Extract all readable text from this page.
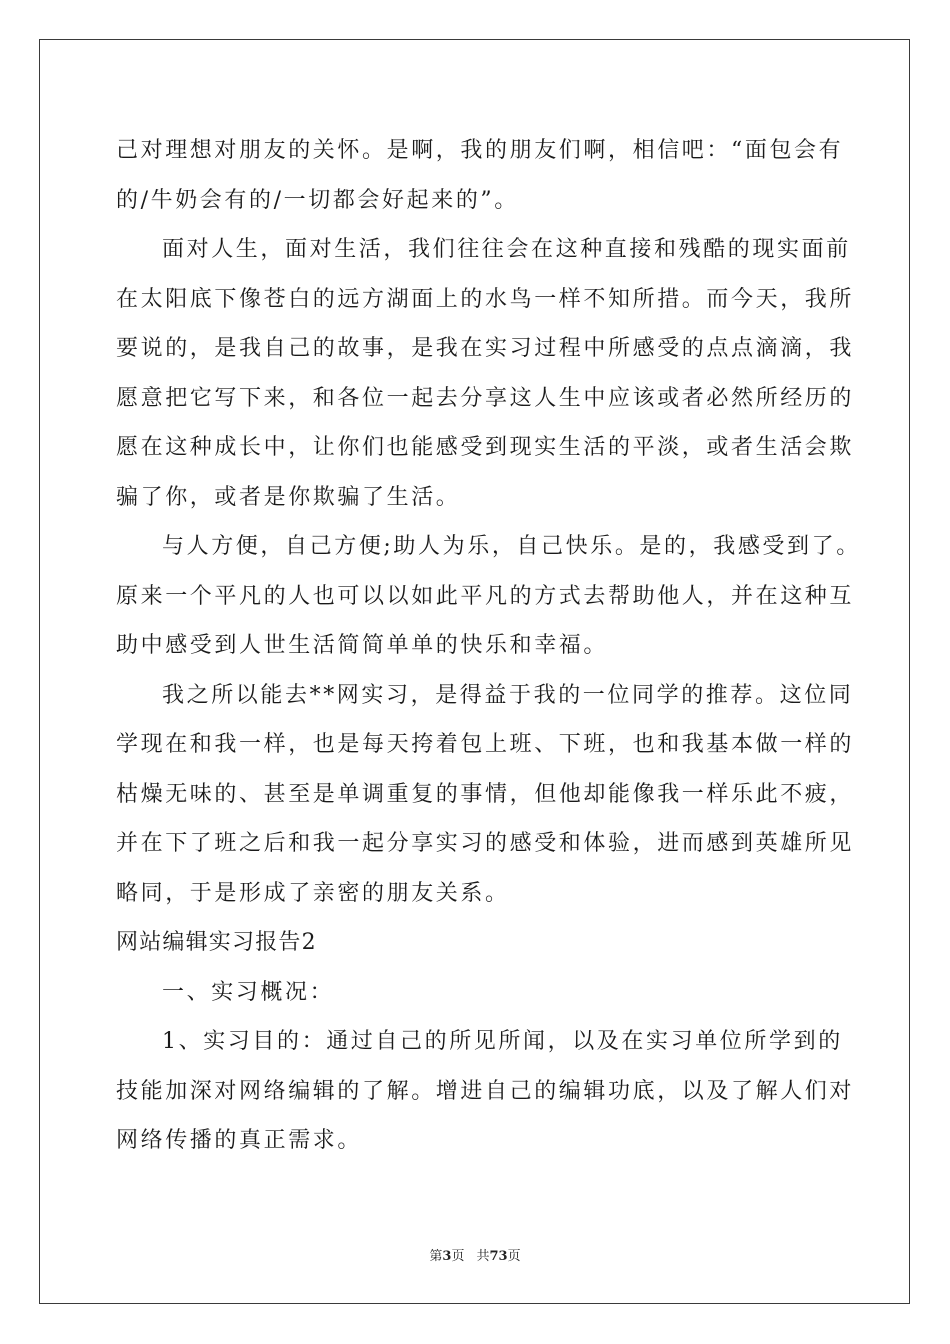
己对理想对朋友的关怀。是啊，我的朋友们啊，相信吧：“面包会有

的/牛奶会有的/一切都会好起来的”。

面对人生，面对生活，我们往往会在这种直接和残酷的现实面前

在太阳底下像苍白的远方湖面上的水鸟一样不知所措。而今天，我所

要说的，是我自己的故事，是我在实习过程中所感受的点点滴滴，我

愿意把它写下来，和各位一起去分享这人生中应该或者必然所经历的

愿在这种成长中，让你们也能感受到现实生活的平淡，或者生活会欺

骗了你，或者是你欺骗了生活。

与人方便，自己方便;助人为乐，自己快乐。是的，我感受到了。

原来一个平凡的人也可以以如此平凡的方式去帮助他人，并在这种互

助中感受到人世生活简简单单的快乐和幸福。

我之所以能去**网实习，是得益于我的一位同学的推荐。这位同

学现在和我一样，也是每天挎着包上班、下班，也和我基本做一样的

枯燥无味的、甚至是单调重复的事情，但他却能像我一样乐此不疲，

并在下了班之后和我一起分享实习的感受和体验，进而感到英雄所见

略同，于是形成了亲密的朋友关系。

网站编辑实习报告2

一、实习概况：

1、实习目的：通过自己的所见所闻，以及在实习单位所学到的

技能加深对网络编辑的了解。增进自己的编辑功底，以及了解人们对

网络传播的真正需求。

第3页 共73页
